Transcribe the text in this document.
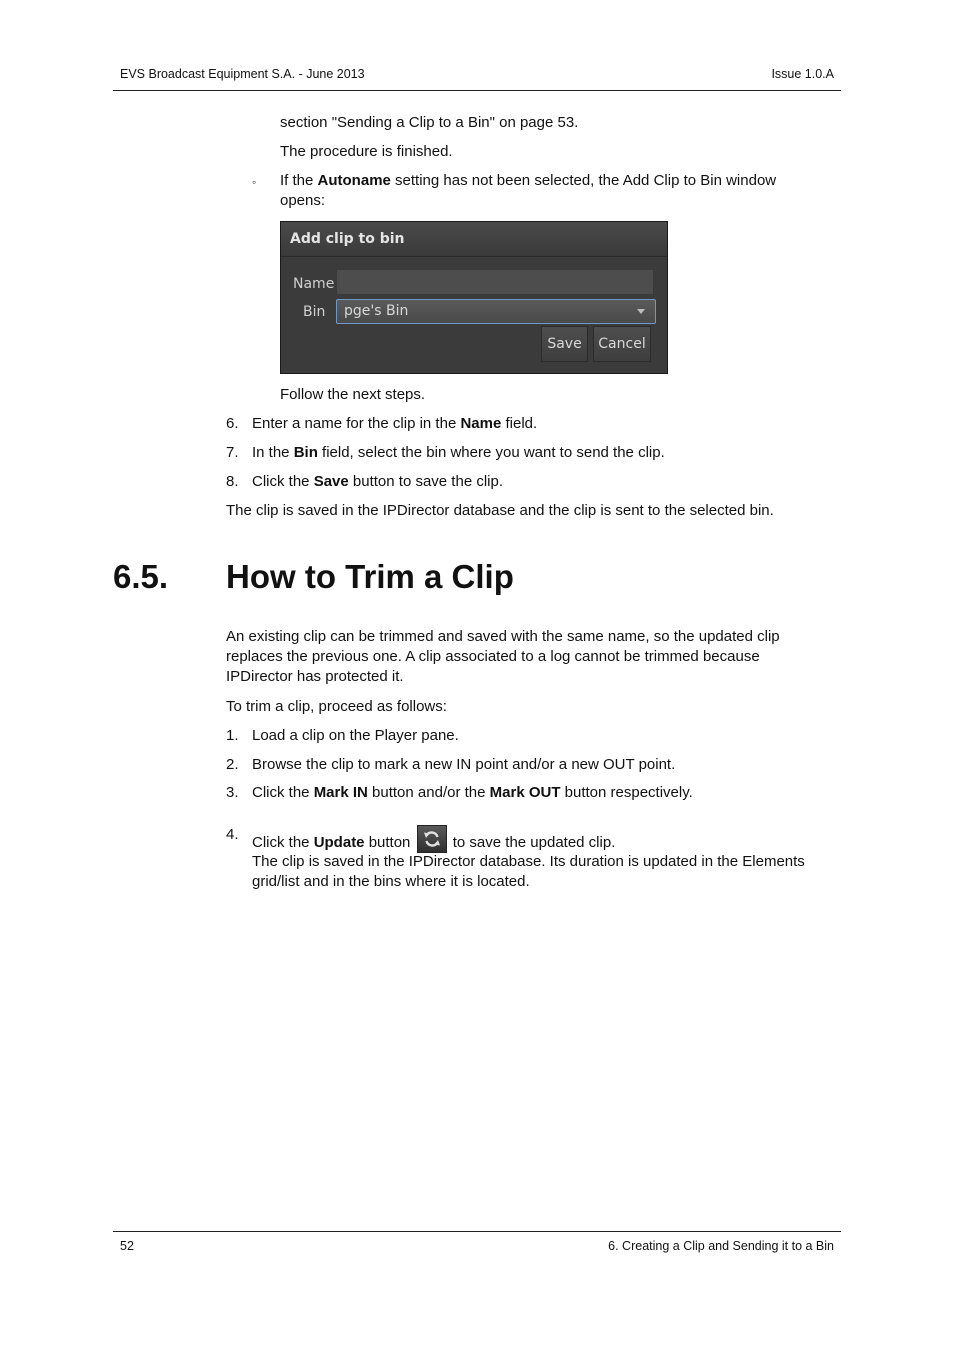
EVS Broadcast Equipment S.A. - June 2013	Issue 1.0.A
section "Sending a Clip to a Bin" on page 53.
The procedure is finished.
◦ If the Autoname setting has not been selected, the Add Clip to Bin window opens:
Add clip to bin
Name
Bin	pge's Bin
Save	Cancel
Follow the next steps.
6. Enter a name for the clip in the Name field.
7. In the Bin field, select the bin where you want to send the clip.
8. Click the Save button to save the clip.
The clip is saved in the IPDirector database and the clip is sent to the selected bin.
6.5. How to Trim a Clip
An existing clip can be trimmed and saved with the same name, so the updated clip replaces the previous one. A clip associated to a log cannot be trimmed because IPDirector has protected it.
To trim a clip, proceed as follows:
1. Load a clip on the Player pane.
2. Browse the clip to mark a new IN point and/or a new OUT point.
3. Click the Mark IN button and/or the Mark OUT button respectively.
4. Click the Update button
to save the updated clip.
The clip is saved in the IPDirector database. Its duration is updated in the Elements grid/list and in the bins where it is located.
52	6. Creating a Clip and Sending it to a Bin
